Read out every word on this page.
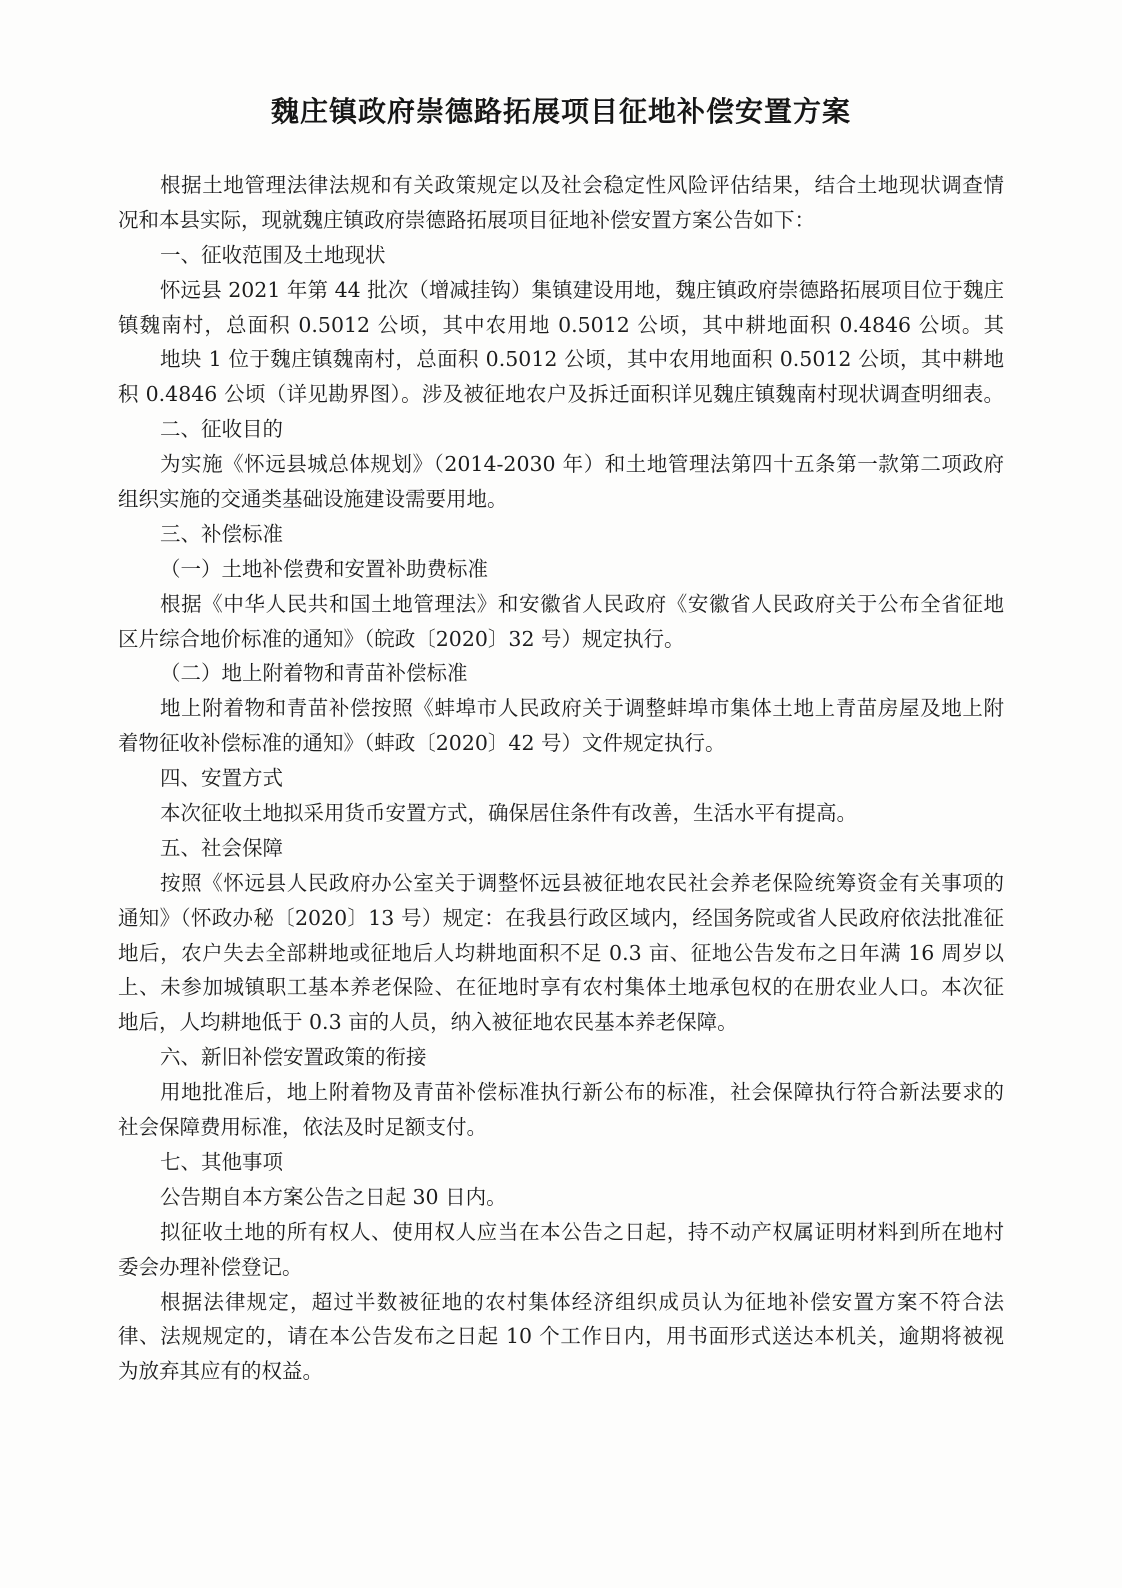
魏庄镇政府崇德路拓展项目征地补偿安置方案
根据土地管理法律法规和有关政策规定以及社会稳定性风险评估结果，结合土地现状调查情
况和本县实际，现就魏庄镇政府崇德路拓展项目征地补偿安置方案公告如下：
一、征收范围及土地现状
怀远县 2021 年第 44 批次（增减挂钩）集镇建设用地，魏庄镇政府崇德路拓展项目位于魏庄
镇魏南村，总面积 0.5012 公顷，其中农用地 0.5012 公顷，其中耕地面积 0.4846 公顷。其
地块 1 位于魏庄镇魏南村，总面积 0.5012 公顷，其中农用地面积 0.5012 公顷，其中耕地
积 0.4846 公顷（详见勘界图）。涉及被征地农户及拆迁面积详见魏庄镇魏南村现状调查明细表。
二、征收目的
为实施《怀远县城总体规划》（2014-2030 年）和土地管理法第四十五条第一款第二项政府
组织实施的交通类基础设施建设需要用地。
三、补偿标准
（一）土地补偿费和安置补助费标准
根据《中华人民共和国土地管理法》和安徽省人民政府《安徽省人民政府关于公布全省征地
区片综合地价标准的通知》（皖政〔2020〕32 号）规定执行。
（二）地上附着物和青苗补偿标准
地上附着物和青苗补偿按照《蚌埠市人民政府关于调整蚌埠市集体土地上青苗房屋及地上附
着物征收补偿标准的通知》（蚌政〔2020〕42 号）文件规定执行。
四、安置方式
本次征收土地拟采用货币安置方式，确保居住条件有改善，生活水平有提高。
五、社会保障
按照《怀远县人民政府办公室关于调整怀远县被征地农民社会养老保险统筹资金有关事项的
通知》（怀政办秘〔2020〕13 号）规定：在我县行政区域内，经国务院或省人民政府依法批准征
地后，农户失去全部耕地或征地后人均耕地面积不足 0.3 亩、征地公告发布之日年满 16 周岁以
上、未参加城镇职工基本养老保险、在征地时享有农村集体土地承包权的在册农业人口。本次征
地后，人均耕地低于 0.3 亩的人员，纳入被征地农民基本养老保障。
六、新旧补偿安置政策的衔接
用地批准后，地上附着物及青苗补偿标准执行新公布的标准，社会保障执行符合新法要求的
社会保障费用标准，依法及时足额支付。
七、其他事项
公告期自本方案公告之日起 30 日内。
拟征收土地的所有权人、使用权人应当在本公告之日起，持不动产权属证明材料到所在地村
委会办理补偿登记。
根据法律规定，超过半数被征地的农村集体经济组织成员认为征地补偿安置方案不符合法
律、法规规定的，请在本公告发布之日起 10 个工作日内，用书面形式送达本机关，逾期将被视
为放弃其应有的权益。
